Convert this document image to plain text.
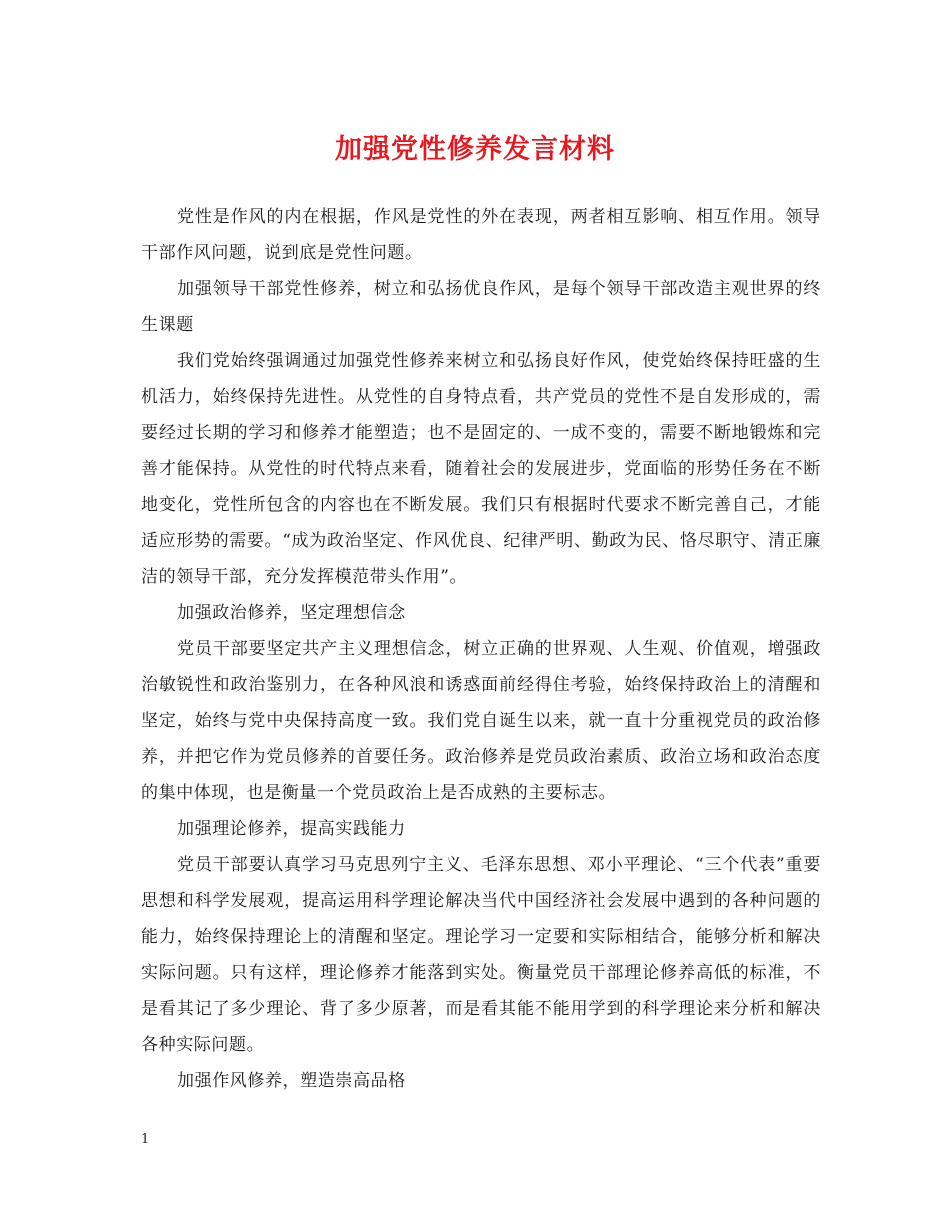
加强党性修养发言材料

党性是作风的内在根据，作风是党性的外在表现，两者相互影响、相互作用。领导干部作风问题，说到底是党性问题。

加强领导干部党性修养，树立和弘扬优良作风，是每个领导干部改造主观世界的终生课题

我们党始终强调通过加强党性修养来树立和弘扬良好作风，使党始终保持旺盛的生机活力，始终保持先进性。从党性的自身特点看，共产党员的党性不是自发形成的，需要经过长期的学习和修养才能塑造；也不是固定的、一成不变的，需要不断地锻炼和完善才能保持。从党性的时代特点来看，随着社会的发展进步，党面临的形势任务在不断地变化，党性所包含的内容也在不断发展。我们只有根据时代要求不断完善自己，才能适应形势的需要。“成为政治坚定、作风优良、纪律严明、勤政为民、恪尽职守、清正廉洁的领导干部，充分发挥模范带头作用”。

加强政治修养，坚定理想信念

党员干部要坚定共产主义理想信念，树立正确的世界观、人生观、价值观，增强政治敏锐性和政治鉴别力，在各种风浪和诱惑面前经得住考验，始终保持政治上的清醒和坚定，始终与党中央保持高度一致。我们党自诞生以来，就一直十分重视党员的政治修养，并把它作为党员修养的首要任务。政治修养是党员政治素质、政治立场和政治态度的集中体现，也是衡量一个党员政治上是否成熟的主要标志。

加强理论修养，提高实践能力

党员干部要认真学习马克思列宁主义、毛泽东思想、邓小平理论、“三个代表”重要思想和科学发展观，提高运用科学理论解决当代中国经济社会发展中遇到的各种问题的能力，始终保持理论上的清醒和坚定。理论学习一定要和实际相结合，能够分析和解决实际问题。只有这样，理论修养才能落到实处。衡量党员干部理论修养高低的标准，不是看其记了多少理论、背了多少原著，而是看其能不能用学到的科学理论来分析和解决各种实际问题。

加强作风修养，塑造崇高品格

1
